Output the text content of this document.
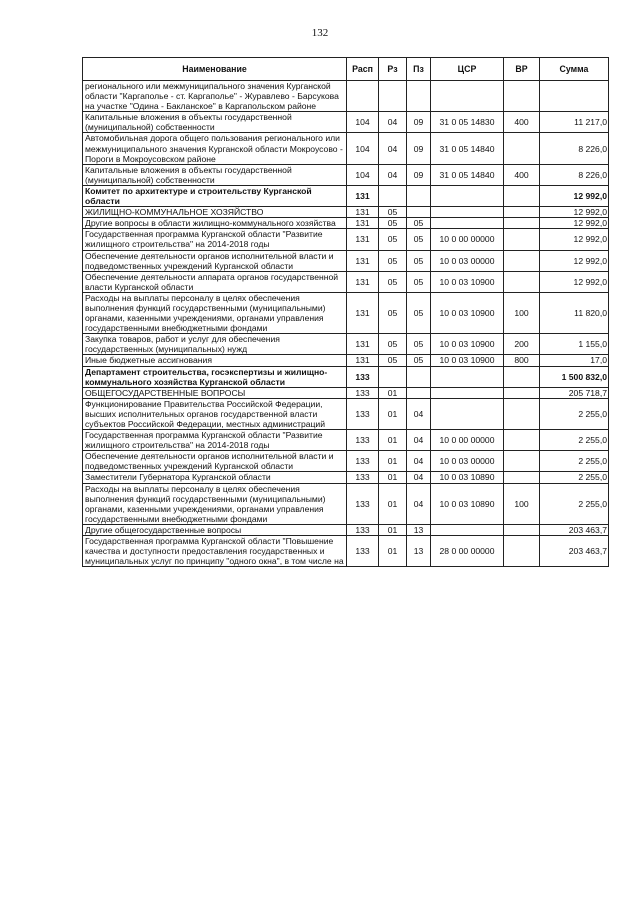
132
Наименование	Расп	Рз	Пз	ЦСР	ВР	Сумма
регионального или межмуниципального значения Курганской области "Каргаполье - ст. Каргаполье" - Журавлево - Барсукова на участке "Одина - Бакланское" в Каргапольском районе						
Капитальные вложения в объекты государственной (муниципальной) собственности	104	04	09	31 0 05 14830	400	11 217,0
Автомобильная дорога общего пользования регионального или межмуниципального значения Курганской области Мокроусово - Пороги в Мокроусовском районе	104	04	09	31 0 05 14840		8 226,0
Капитальные вложения в объекты государственной (муниципальной) собственности	104	04	09	31 0 05 14840	400	8 226,0
Комитет по архитектуре и строительству Курганской области	131					12 992,0
ЖИЛИЩНО-КОММУНАЛЬНОЕ ХОЗЯЙСТВО	131	05				12 992,0
Другие вопросы в области жилищно-коммунального хозяйства	131	05	05			12 992,0
Государственная программа Курганской области "Развитие жилищного строительства" на 2014-2018 годы	131	05	05	10 0 00 00000		12 992,0
Обеспечение деятельности органов исполнительной власти и подведомственных учреждений Курганской области	131	05	05	10 0 03 00000		12 992,0
Обеспечение деятельности аппарата органов государственной власти Курганской области	131	05	05	10 0 03 10900		12 992,0
Расходы на выплаты персоналу в целях обеспечения выполнения функций государственными (муниципальными) органами, казенными учреждениями, органами управления государственными внебюджетными фондами	131	05	05	10 0 03 10900	100	11 820,0
Закупка товаров, работ и услуг для обеспечения государственных (муниципальных) нужд	131	05	05	10 0 03 10900	200	1 155,0
Иные бюджетные ассигнования	131	05	05	10 0 03 10900	800	17,0
Департамент строительства, госэкспертизы и жилищно-коммунального хозяйства Курганской области	133					1 500 832,0
ОБЩЕГОСУДАРСТВЕННЫЕ ВОПРОСЫ	133	01				205 718,7
Функционирование Правительства Российской Федерации, высших исполнительных органов государственной власти субъектов Российской Федерации, местных администраций	133	01	04			2 255,0
Государственная программа Курганской области "Развитие жилищного строительства" на 2014-2018 годы	133	01	04	10 0 00 00000		2 255,0
Обеспечение деятельности органов исполнительной власти и подведомственных учреждений Курганской области	133	01	04	10 0 03 00000		2 255,0
Заместители Губернатора Курганской области	133	01	04	10 0 03 10890		2 255,0
Расходы на выплаты персоналу в целях обеспечения выполнения функций государственными (муниципальными) органами, казенными учреждениями, органами управления государственными внебюджетными фондами	133	01	04	10 0 03 10890	100	2 255,0
Другие общегосударственные вопросы	133	01	13			203 463,7
Государственная программа Курганской области "Повышение качества и доступности предоставления государственных и муниципальных услуг по принципу "одного окна", в том числе на	133	01	13	28 0 00 00000		203 463,7
